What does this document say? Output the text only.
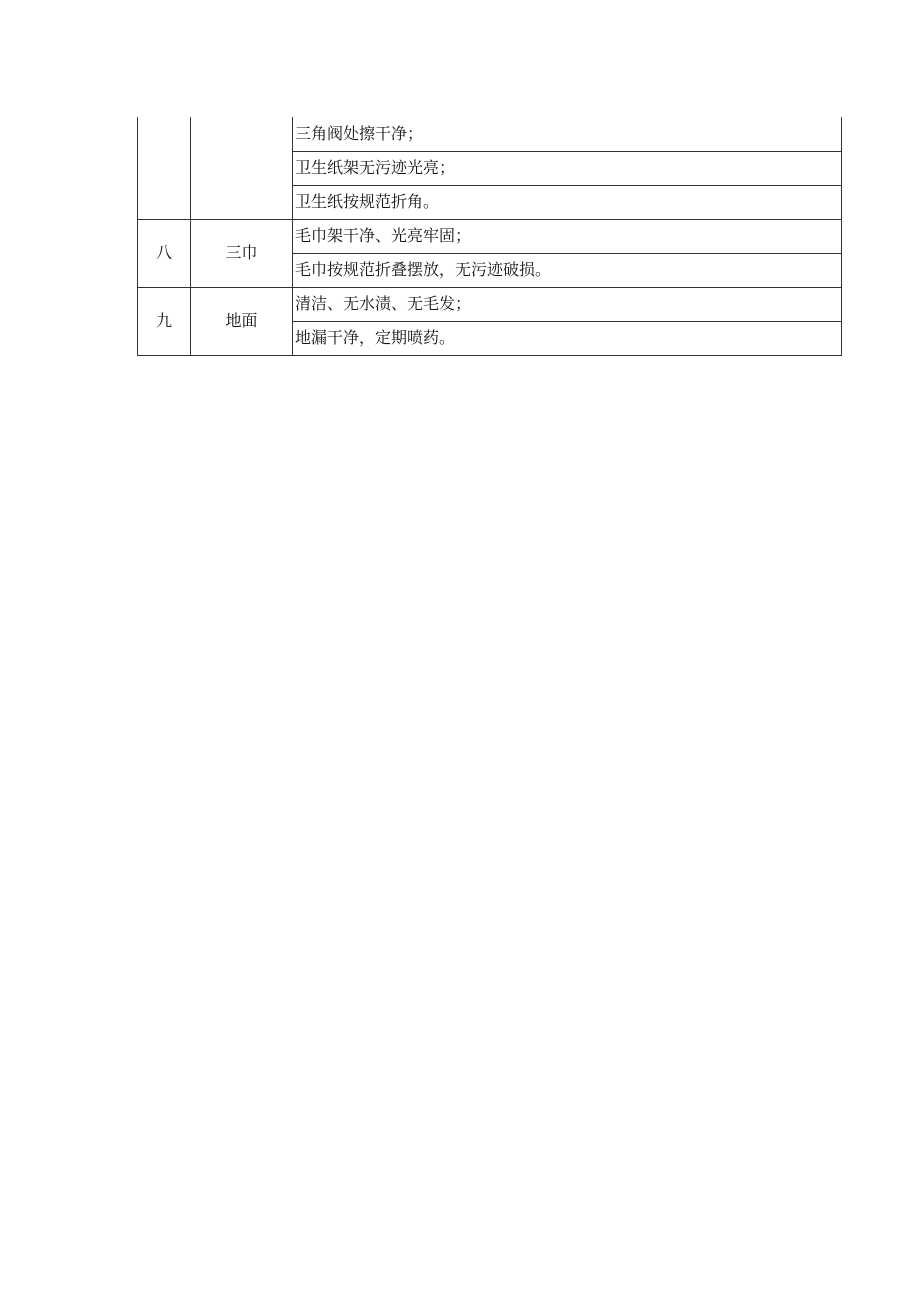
		三角阀处擦干净；
		卫生纸架无污迹光亮；
		卫生纸按规范折角。
八	三巾	毛巾架干净、光亮牢固；
		毛巾按规范折叠摆放，无污迹破损。
九	地面	清洁、无水渍、无毛发；
		地漏干净，定期喷药。
